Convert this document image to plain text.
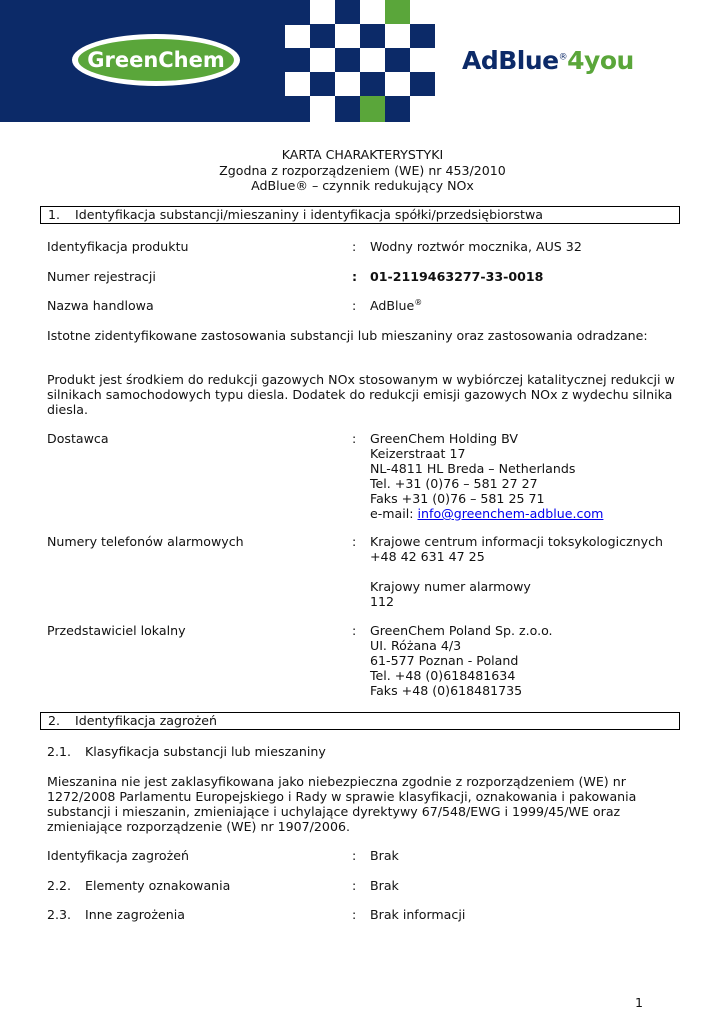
GreenChem	AdBlue®4you
KARTA CHARAKTERYSTYKI
Zgodna z rozporządzeniem (WE) nr 453/2010
AdBlue® – czynnik redukujący NOx
1. Identyfikacja substancji/mieszaniny i identyfikacja spółki/przedsiębiorstwa
Identyfikacja produktu	: Wodny roztwór mocznika, AUS 32
Numer rejestracji	: 01-2119463277-33-0018
Nazwa handlowa	: AdBlue®
Istotne zidentyfikowane zastosowania substancji lub mieszaniny oraz zastosowania odradzane:
Produkt jest środkiem do redukcji gazowych NOx stosowanym w wybiórczej katalitycznej redukcji w silnikach samochodowych typu diesla. Dodatek do redukcji emisji gazowych NOx z wydechu silnika diesla.
Dostawca	: GreenChem Holding BV
Keizerstraat 17
NL-4811 HL Breda – Netherlands
Tel. +31 (0)76 – 581 27 27
Faks +31 (0)76 – 581 25 71
e-mail: info@greenchem-adblue.com
Numery telefonów alarmowych	: Krajowe centrum informacji toksykologicznych
+48 42 631 47 25
Krajowy numer alarmowy
112
Przedstawiciel lokalny	: GreenChem Poland Sp. z.o.o.
UI. Różana 4/3
61-577 Poznan - Poland
Tel. +48 (0)618481634
Faks +48 (0)618481735
2. Identyfikacja zagrożeń
2.1. Klasyfikacja substancji lub mieszaniny
Mieszanina nie jest zaklasyfikowana jako niebezpieczna zgodnie z rozporządzeniem (WE) nr 1272/2008 Parlamentu Europejskiego i Rady w sprawie klasyfikacji, oznakowania i pakowania substancji i mieszanin, zmieniające i uchylające dyrektywy 67/548/EWG i 1999/45/WE oraz zmieniające rozporządzenie (WE) nr 1907/2006.
Identyfikacja zagrożeń	: Brak
2.2. Elementy oznakowania	: Brak
2.3. Inne zagrożenia	: Brak informacji
1
